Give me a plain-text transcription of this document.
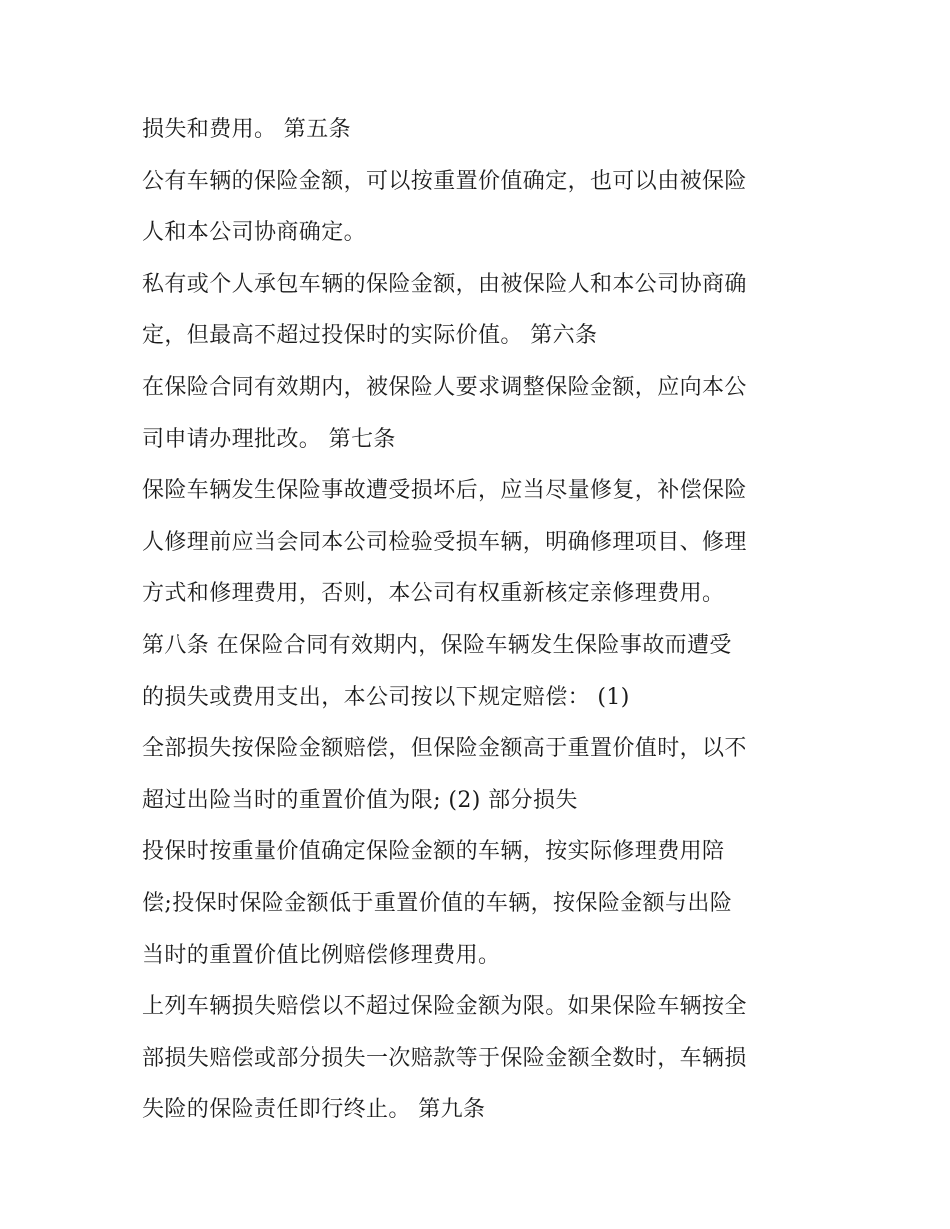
损失和费用。 第五条
公有车辆的保险金额，可以按重置价值确定，也可以由被保险
人和本公司协商确定。
私有或个人承包车辆的保险金额，由被保险人和本公司协商确
定，但最高不超过投保时的实际价值。 第六条
在保险合同有效期内，被保险人要求调整保险金额，应向本公
司申请办理批改。 第七条
保险车辆发生保险事故遭受损坏后，应当尽量修复，补偿保险
人修理前应当会同本公司检验受损车辆，明确修理项目、修理
方式和修理费用，否则，本公司有权重新核定亲修理费用。
第八条 在保险合同有效期内，保险车辆发生保险事故而遭受
的损失或费用支出，本公司按以下规定赔偿： (1)
全部损失按保险金额赔偿，但保险金额高于重置价值时，以不
超过出险当时的重置价值为限; (2) 部分损失
投保时按重量价值确定保险金额的车辆，按实际修理费用陪
偿;投保时保险金额低于重置价值的车辆，按保险金额与出险
当时的重置价值比例赔偿修理费用。
上列车辆损失赔偿以不超过保险金额为限。如果保险车辆按全
部损失赔偿或部分损失一次赔款等于保险金额全数时，车辆损
失险的保险责任即行终止。 第九条
